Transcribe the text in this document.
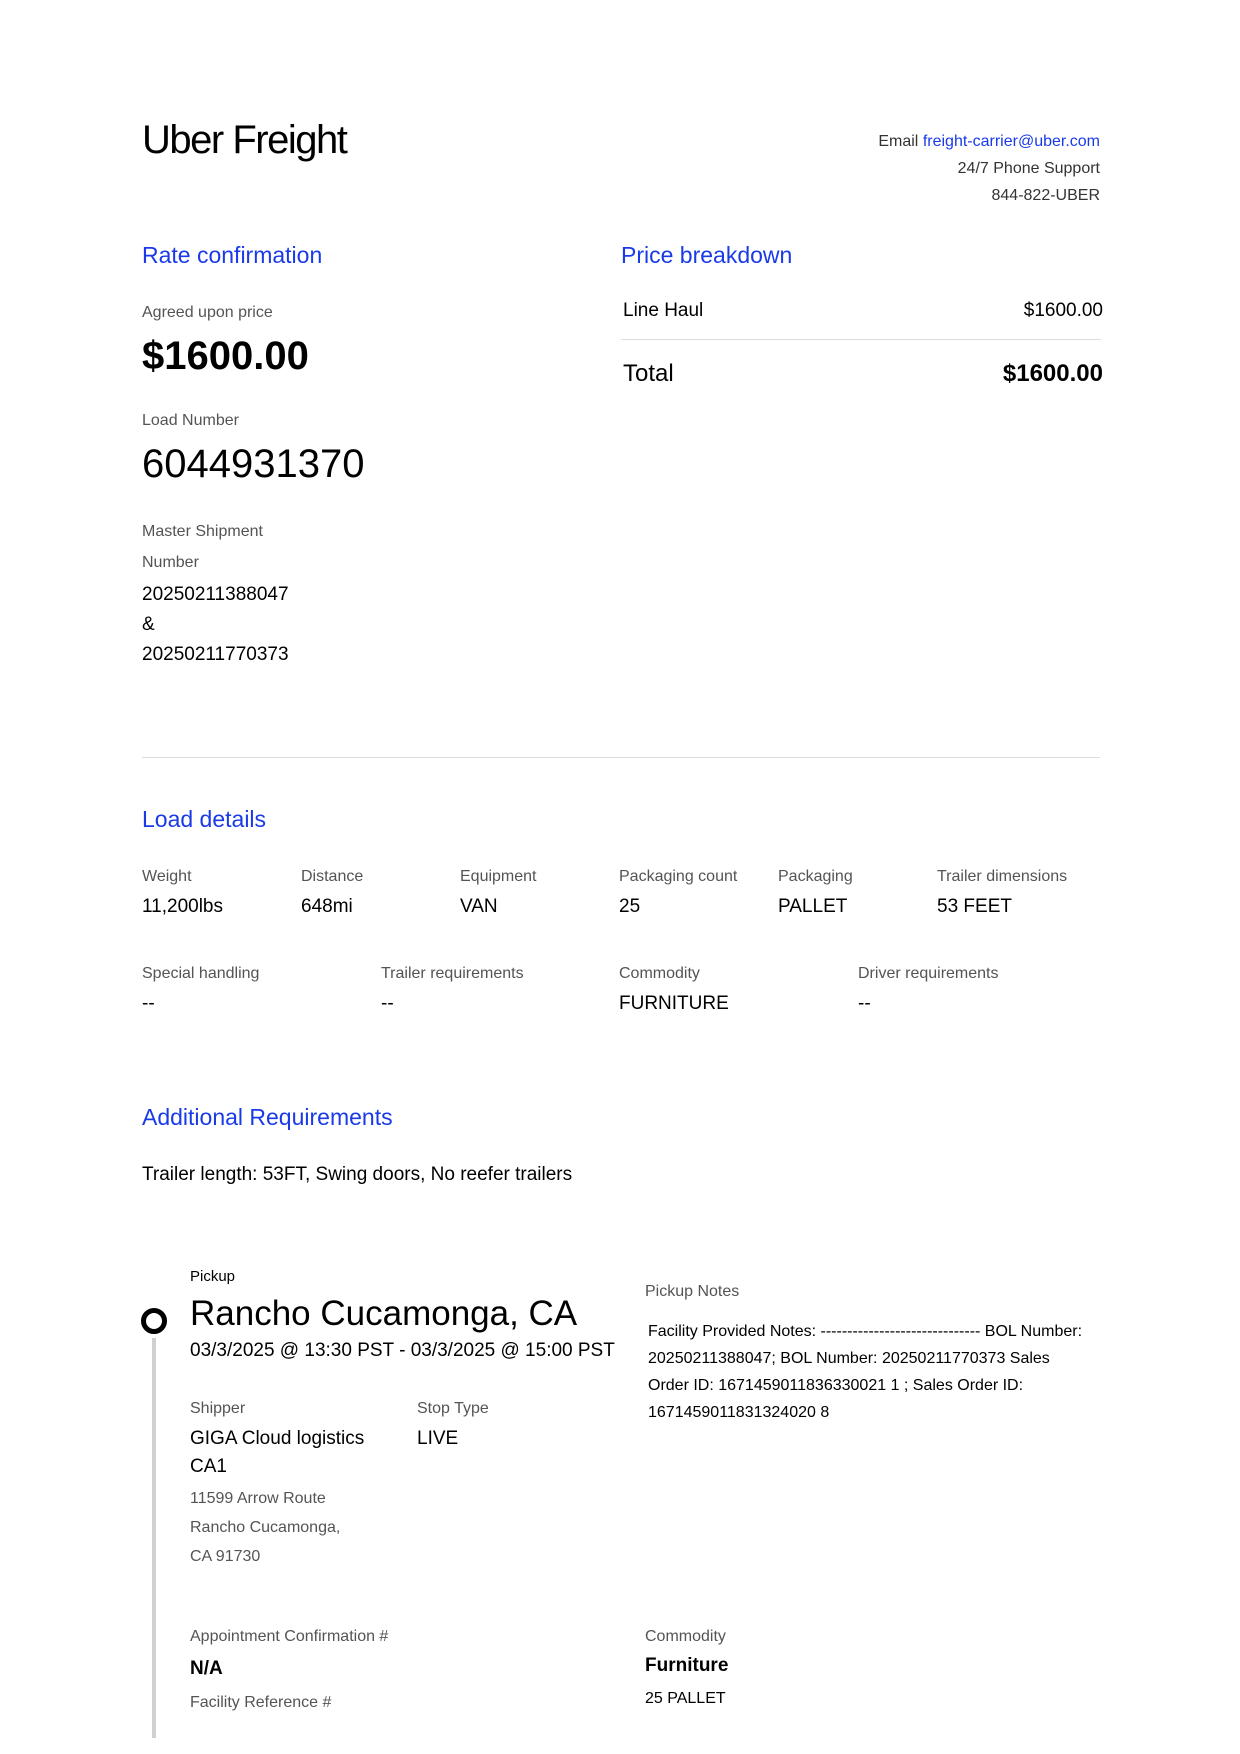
Uber Freight	Email freight-carrier@uber.com
24/7 Phone Support
844-822-UBER
Rate confirmation
Agreed upon price
$1600.00
Load Number
6044931370
Master Shipment
Number
20250211388047
&
20250211770373
Price breakdown
Line Haul	$1600.00
Total	$1600.00
Load details
Weight
11,200lbs
Distance
648mi
Equipment
VAN
Packaging count
25
Packaging
PALLET
Trailer dimensions
53 FEET
Special handling
--
Trailer requirements
--
Commodity
FURNITURE
Driver requirements
--
Additional Requirements
Trailer length: 53FT, Swing doors, No reefer trailers
Pickup
Rancho Cucamonga, CA
03/3/2025 @ 13:30 PST - 03/3/2025 @ 15:00 PST
Shipper
GIGA Cloud logistics
CA1
11599 Arrow Route
Rancho Cucamonga,
CA 91730
Stop Type
LIVE
Pickup Notes
Facility Provided Notes: ------------------------------ BOL Number: 20250211388047; BOL Number: 20250211770373 Sales Order ID: 1671459011836330021 1 ; Sales Order ID: 1671459011831324020 8
Appointment Confirmation #
N/A
Facility Reference #
Commodity
Furniture
25 PALLET
